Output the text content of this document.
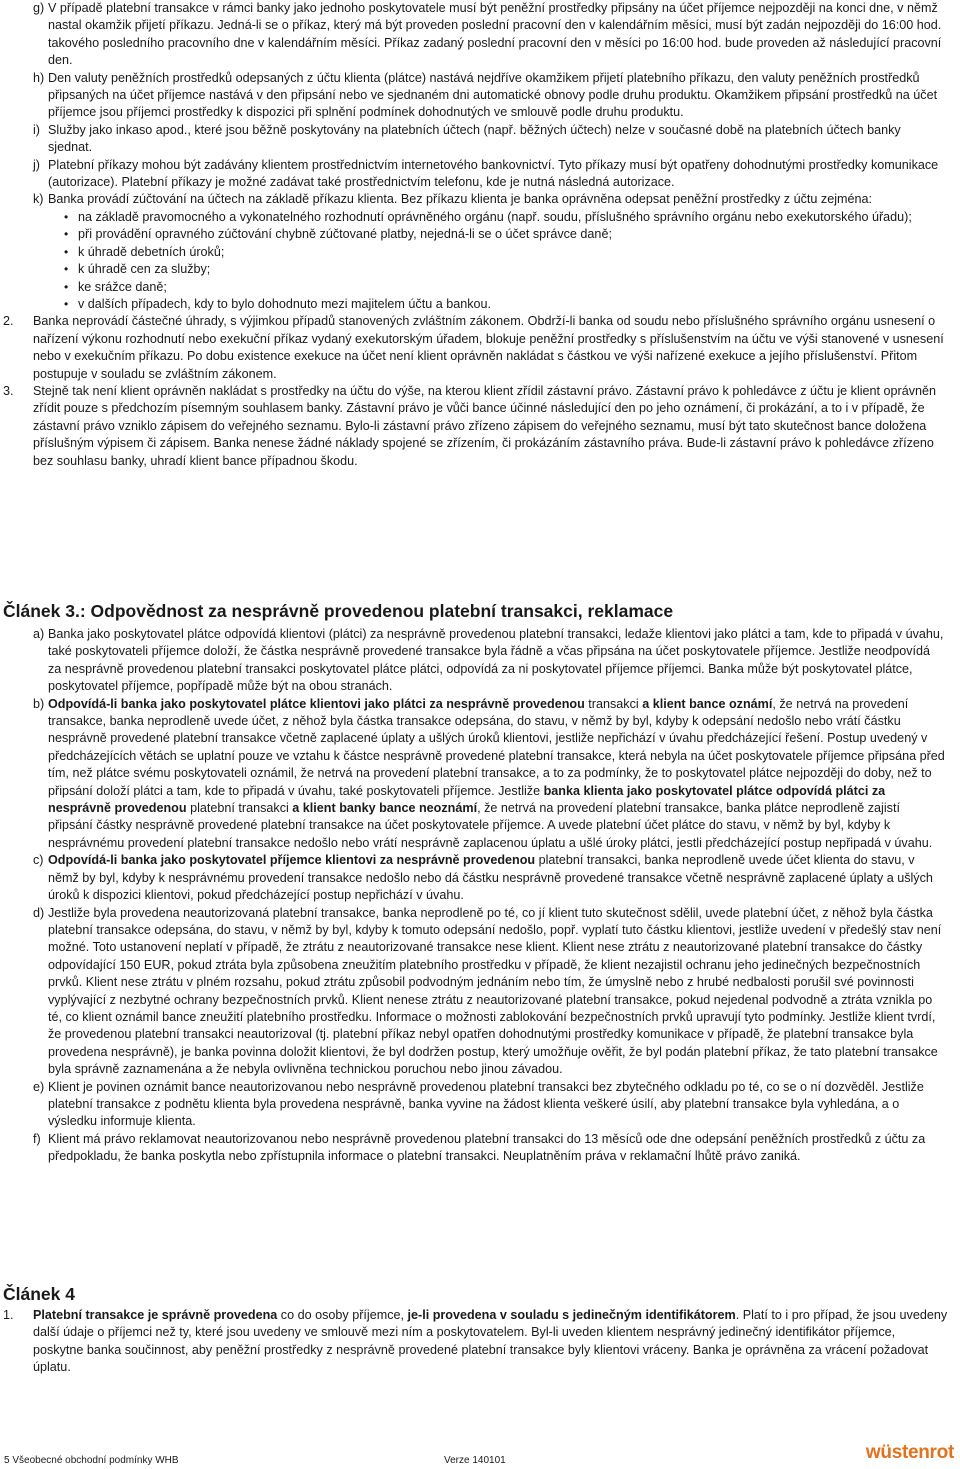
g) V případě platební transakce v rámci banky jako jednoho poskytovatele musí být peněžní prostředky připsány na účet příjemce nejpozději na konci dne, v němž nastal okamžik přijetí příkazu. Jedná-li se o příkaz, který má být proveden poslední pracovní den v kalendářním měsíci, musí být zadán nejpozději do 16:00 hod. takového posledního pracovního dne v kalendářním měsíci. Příkaz zadaný poslední pracovní den v měsíci po 16:00 hod. bude proveden až následující pracovní den.

h) Den valuty peněžních prostředků odepsaných z účtu klienta (plátce) nastává nejdříve okamžikem přijetí platebního příkazu, den valuty peněžních prostředků připsaných na účet příjemce nastává v den připsání nebo ve sjednaném dni automatické obnovy podle druhu produktu. Okamžikem připsání prostředků na účet příjemce jsou příjemci prostředky k dispozici při splnění podmínek dohodnutých ve smlouvě podle druhu produktu.

i) Služby jako inkaso apod., které jsou běžně poskytovány na platebních účtech (např. běžných účtech) nelze v současné době na platebních účtech banky sjednat.

j) Platební příkazy mohou být zadávány klientem prostřednictvím internetového bankovnictví. Tyto příkazy musí být opatřeny dohodnutými prostředky komunikace (autorizace). Platební příkazy je možné zadávat také prostřednictvím telefonu, kde je nutná následná autorizace.

k) Banka provádí zúčtování na účtech na základě příkazu klienta. Bez příkazu klienta je banka oprávněna odepsat peněžní prostředky z účtu zejména:

• na základě pravomocného a vykonatelného rozhodnutí oprávněného orgánu (např. soudu, příslušného správního orgánu nebo exekutorského úřadu);
• při provádění opravného zúčtování chybně zúčtované platby, nejedná-li se o účet správce daně;
• k úhradě debetních úroků;
• k úhradě cen za služby;
• ke srážce daně;
• v dalších případech, kdy to bylo dohodnuto mezi majitelem účtu a bankou.
2. Banka neprovádí částečné úhrady, s výjimkou případů stanovených zvláštním zákonem. Obdrží-li banka od soudu nebo příslušného správního orgánu usnesení o nařízení výkonu rozhodnutí nebo exekuční příkaz vydaný exekutorským úřadem, blokuje peněžní prostředky s příslušenstvím na účtu ve výši stanovené v usnesení nebo v exekučním příkazu. Po dobu existence exekuce na účet není klient oprávněn nakládat s částkou ve výši nařízené exekuce a jejího příslušenství. Přitom postupuje v souladu se zvláštním zákonem.

3. Stejně tak není klient oprávněn nakládat s prostředky na účtu do výše, na kterou klient zřídil zástavní právo. Zástavní právo k pohledávce z účtu je klient oprávněn zřídit pouze s předchozím písemným souhlasem banky. Zástavní právo je vůči bance účinné následující den po jeho oznámení, či prokázání, a to i v případě, že zástavní právo vzniklo zápisem do veřejného seznamu. Bylo-li zástavní právo zřízeno zápisem do veřejného seznamu, musí být tato skutečnost bance doložena příslušným výpisem či zápisem. Banka nenese žádné náklady spojené se zřízením, či prokázáním zástavního práva. Bude-li zástavní právo k pohledávce zřízeno bez souhlasu banky, uhradí klient bance případnou škodu.

Článek 3.: Odpovědnost za nesprávně provedenou platební transakci, reklamace
a) Banka jako poskytovatel plátce odpovídá klientovi (plátci) za nesprávně provedenou platební transakci, ledaže klientovi jako plátci a tam, kde to připadá v úvahu, také poskytovateli příjemce doloží, že částka nesprávně provedené transakce byla řádně a včas připsána na účet poskytovatele příjemce. Jestliže neodpovídá za nesprávně provedenou platební transakci poskytovatel plátce plátci, odpovídá za ni poskytovatel příjemce příjemci. Banka může být poskytovatel plátce, poskytovatel příjemce, popřípadě může být na obou stranách.

b) Odpovídá-li banka jako poskytovatel plátce klientovi jako plátci za nesprávně provedenou transakci a klient bance oznámí, že netrvá na provedení transakce, banka neprodleně uvede účet, z něhož byla částka transakce odepsána, do stavu, v němž by byl, kdyby k odepsání nedošlo nebo vrátí částku nesprávně provedené platební transakce včetně zaplacené úplaty a ušlých úroků klientovi, jestliže nepřichází v úvahu předcházející řešení. Postup uvedený v předcházejících větách se uplatní pouze ve vztahu k částce nesprávně provedené platební transakce, která nebyla na účet poskytovatele příjemce připsána před tím, než plátce svému poskytovateli oznámil, že netrvá na provedení platební transakce, a to za podmínky, že to poskytovatel plátce nejpozději do doby, než to připsání doloží plátci a tam, kde to připadá v úvahu, také poskytovateli příjemce. Jestliže banka klienta jako poskytovatel plátce odpovídá plátci za nesprávně provedenou platební transakci a klient banky bance neoznámí, že netrvá na provedení platební transakce, banka plátce neprodleně zajistí připsání částky nesprávně provedené platební transakce na účet poskytovatele příjemce. A uvede platební účet plátce do stavu, v němž by byl, kdyby k nesprávnému provedení platební transakce nedošlo nebo vrátí nesprávně zaplacenou úplatu a ušlé úroky plátci, jestli předcházející postup nepřipadá v úvahu.

c) Odpovídá-li banka jako poskytovatel příjemce klientovi za nesprávně provedenou platební transakci, banka neprodleně uvede účet klienta do stavu, v němž by byl, kdyby k nesprávnému provedení transakce nedošlo nebo dá částku nesprávně provedené transakce včetně nesprávně zaplacené úplaty a ušlých úroků k dispozici klientovi, pokud předcházející postup nepřichází v úvahu.

d) Jestliže byla provedena neautorizovaná platební transakce, banka neprodleně po té, co jí klient tuto skutečnost sdělil, uvede platební účet, z něhož byla částka platební transakce odepsána, do stavu, v němž by byl, kdyby k tomuto odepsání nedošlo, popř. vyplatí tuto částku klientovi, jestliže uvedení v předešlý stav není možné. Toto ustanovení neplatí v případě, že ztrátu z neautorizované transakce nese klient. Klient nese ztrátu z neautorizované platební transakce do částky odpovídající 150 EUR, pokud ztráta byla způsobena zneužitím platebního prostředku v případě, že klient nezajistil ochranu jeho jedinečných bezpečnostních prvků. Klient nese ztrátu v plném rozsahu, pokud ztrátu způsobil podvodným jednáním nebo tím, že úmyslně nebo z hrubé nedbalosti porušil své povinnosti vyplývající z nezbytné ochrany bezpečnostních prvků. Klient nenese ztrátu z neautorizované platební transakce, pokud nejedenal podvodně a ztráta vznikla po té, co klient oznámil bance zneužití platebního prostředku. Informace o možnosti zablokování bezpečnostních prvků upravují tyto podmínky. Jestliže klient tvrdí, že provedenou platební transakci neautorizoval (tj. platební příkaz nebyl opatřen dohodnutými prostředky komunikace v případě, že platební transakce byla provedena nesprávně), je banka povinna doložit klientovi, že byl dodržen postup, který umožňuje ověřit, že byl podán platební příkaz, že tato platební transakce byla správně zaznamenána a že nebyla ovlivněna technickou poruchou nebo jinou závadou.

e) Klient je povinen oznámit bance neautorizovanou nebo nesprávně provedenou platební transakci bez zbytečného odkladu po té, co se o ní dozvěděl. Jestliže platební transakce z podnětu klienta byla provedena nesprávně, banka vyvine na žádost klienta veškeré úsilí, aby platební transakce byla vyhledána, a o výsledku informuje klienta.

f) Klient má právo reklamovat neautorizovanou nebo nesprávně provedenou platební transakci do 13 měsíců ode dne odepsání peněžních prostředků z účtu za předpokladu, že banka poskytla nebo zpřístupnila informace o platební transakci. Neuplatněním práva v reklamační lhůtě právo zaniká.

Článek 4
1. Platební transakce je správně provedena co do osoby příjemce, je-li provedena v souladu s jedinečným identifikátorem. Platí to i pro případ, že jsou uvedeny další údaje o příjemci než ty, které jsou uvedeny ve smlouvě mezi ním a poskytovatelem. Byl-li uveden klientem nesprávný jedinečný identifikátor příjemce, poskytne banka součinnost, aby peněžní prostředky z nesprávně provedené platební transakce byly klientovi vráceny. Banka je oprávněna za vrácení požadovat úplatu.

5 Všeobecné obchodní podmínky WHB	Verze 140101	wüstenrot
